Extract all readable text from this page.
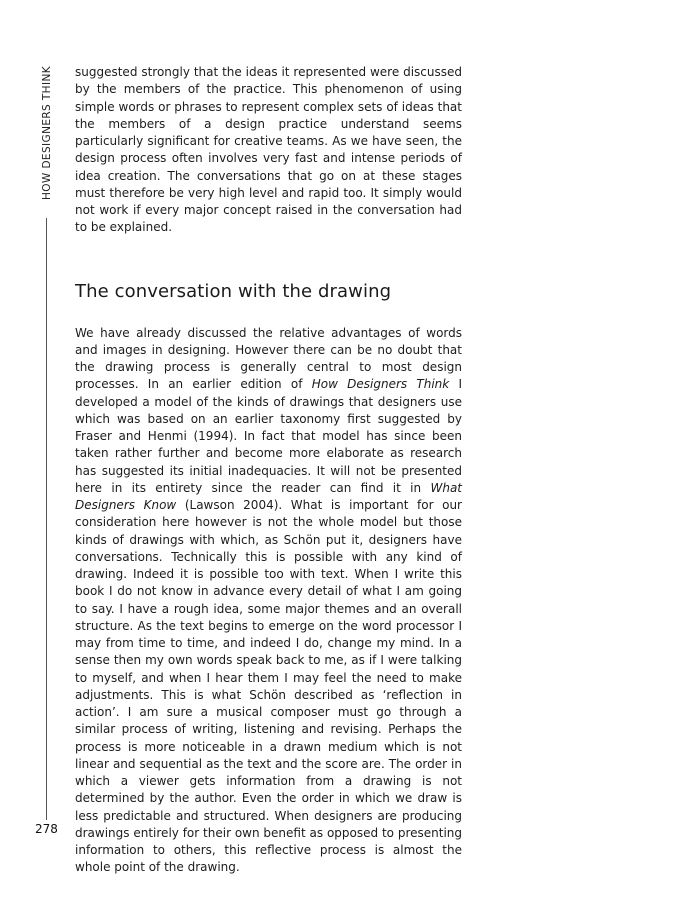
HOW DESIGNERS THINK
278

suggested strongly that the ideas it represented were discussed by the members of the practice. This phenomenon of using simple words or phrases to represent complex sets of ideas that the members of a design practice understand seems particularly significant for creative teams. As we have seen, the design process often involves very fast and intense periods of idea creation. The conversations that go on at these stages must therefore be very high level and rapid too. It simply would not work if every major concept raised in the conversation had to be explained.

The conversation with the drawing

We have already discussed the relative advantages of words and images in designing. However there can be no doubt that the drawing process is generally central to most design processes. In an earlier edition of How Designers Think I developed a model of the kinds of drawings that designers use which was based on an earlier taxonomy first suggested by Fraser and Henmi (1994). In fact that model has since been taken rather further and become more elaborate as research has suggested its initial inadequacies. It will not be presented here in its entirety since the reader can find it in What Designers Know (Lawson 2004). What is important for our consideration here however is not the whole model but those kinds of drawings with which, as Schön put it, designers have conversations. Technically this is possible with any kind of drawing. Indeed it is possible too with text. When I write this book I do not know in advance every detail of what I am going to say. I have a rough idea, some major themes and an overall structure. As the text begins to emerge on the word processor I may from time to time, and indeed I do, change my mind. In a sense then my own words speak back to me, as if I were talking to myself, and when I hear them I may feel the need to make adjustments. This is what Schön described as ‘reflection in action’. I am sure a musical composer must go through a similar process of writing, listening and revising. Perhaps the process is more noticeable in a drawn medium which is not linear and sequential as the text and the score are. The order in which a viewer gets information from a drawing is not determined by the author. Even the order in which we draw is less predictable and structured. When designers are producing drawings entirely for their own benefit as opposed to presenting information to others, this reflective process is almost the whole point of the drawing.
